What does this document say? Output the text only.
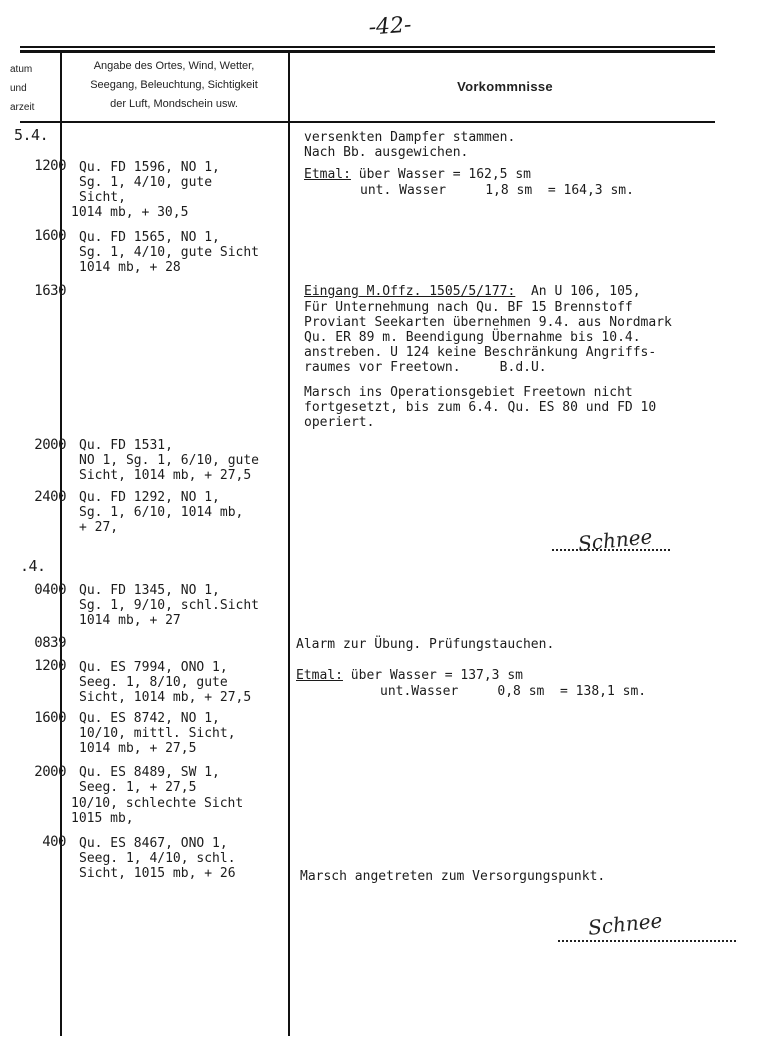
-42-
atum
und
arzeit
Angabe des Ortes, Wind, Wetter,
Seegang, Beleuchtung, Sichtigkeit
der Luft, Mondschein usw.
Vorkommnisse
5.4.
.4.
1200 Qu. FD 1596, NO 1,
Sg. 1, 4/10, gute
Sicht,
1014 mb, + 30,5
1600 Qu. FD 1565, NO 1,
Sg. 1, 4/10, gute Sicht
1014 mb, + 28
1630
2000 Qu. FD 1531,
NO 1, Sg. 1, 6/10, gute
Sicht, 1014 mb, + 27,5
2400 Qu. FD 1292, NO 1,
Sg. 1, 6/10, 1014 mb,
+ 27,
0400 Qu. FD 1345, NO 1,
Sg. 1, 9/10, schl.Sicht
1014 mb, + 27
0839
1200 Qu. ES 7994, ONO 1,
Seeg. 1, 8/10, gute
Sicht, 1014 mb, + 27,5
1600 Qu. ES 8742, NO 1,
10/10, mittl. Sicht,
1014 mb, + 27,5
2000 Qu. ES 8489, SW 1,
Seeg. 1, + 27,5
10/10, schlechte Sicht
1015 mb,
400 Qu. ES 8467, ONO 1,
Seeg. 1, 4/10, schl.
Sicht, 1015 mb, + 26
versenkten Dampfer stammen.
Nach Bb. ausgewichen.
Etmal: über Wasser = 162,5 sm
unt. Wasser     1,8 sm  = 164,3 sm.
Eingang M.Offz. 1505/5/177:  An U 106, 105,
Für Unternehmung nach Qu. BF 15 Brennstoff
Proviant Seekarten übernehmen 9.4. aus Nordmark
Qu. ER 89 m. Beendigung Übernahme bis 10.4.
anstreben. U 124 keine Beschränkung Angriffs-
raumes vor Freetown.     B.d.U.
Marsch ins Operationsgebiet Freetown nicht
fortgesetzt, bis zum 6.4. Qu. ES 80 und FD 10
operiert.
Schnee
Alarm zur Übung. Prüfungstauchen.
Etmal: über Wasser = 137,3 sm
unt.Wasser     0,8 sm  = 138,1 sm.
Marsch angetreten zum Versorgungspunkt.
Schnee
